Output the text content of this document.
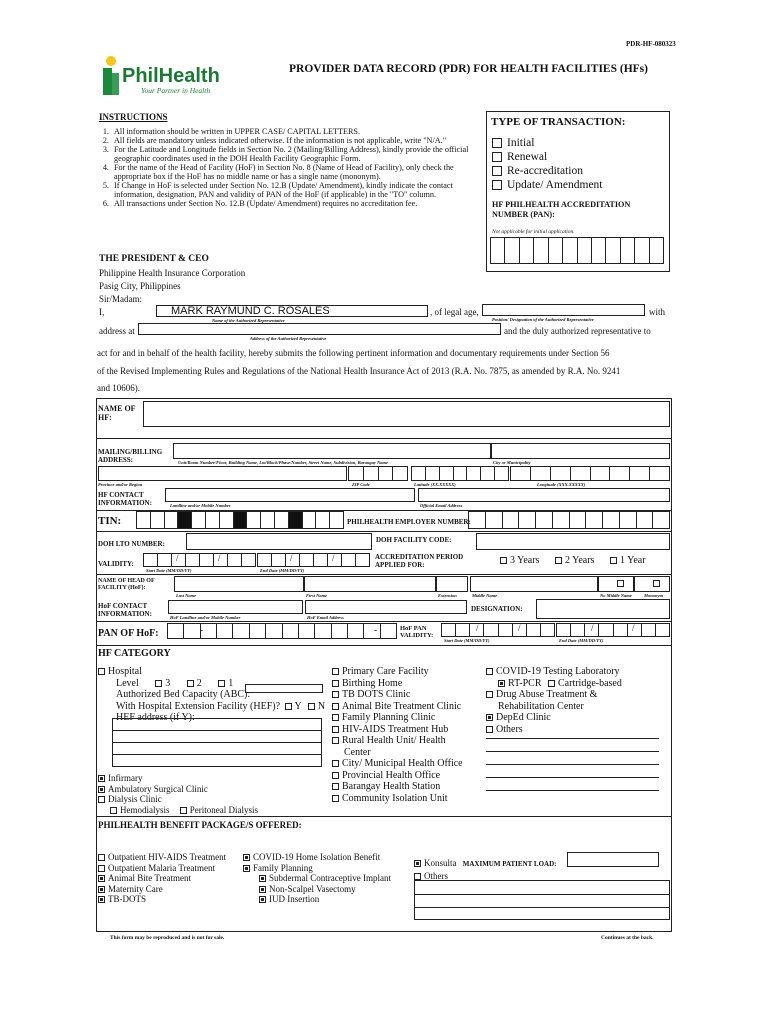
PDR-HF-080323
PhilHealth
Your Partner in Health
PROVIDER DATA RECORD (PDR) FOR HEALTH FACILITIES (HFs)
INSTRUCTIONS
1. All information should be written in UPPER CASE/ CAPITAL LETTERS.
2. All fields are mandatory unless indicated otherwise. If the information is not applicable, write "N/A."
3. For the Latitude and Longitude fields in Section No. 2 (Mailing/Billing Address), kindly provide the official geographic coordinates used in the DOH Health Facility Geographic Form.
4. For the name of the Head of Facility (HoF) in Section No. 8 (Name of Head of Facility), only check the appropriate box if the HoF has no middle name or has a single name (mononym).
5. If Change in HoF is selected under Section No. 12.B (Update/ Amendment), kindly indicate the contact information, designation, PAN and validity of PAN of the HoF (if applicable) in the "TO" column.
6. All transactions under Section No. 12.B (Update/ Amendment) requires no accreditation fee.
TYPE OF TRANSACTION:
Initial
Renewal
Re-accreditation
Update/ Amendment
HF PHILHEALTH ACCREDITATION NUMBER (PAN):
Not applicable for initial application.
THE PRESIDENT & CEO
Philippine Health Insurance Corporation
Pasig City, Philippines
Sir/Madam:
I,	MARK RAYMUND C. ROSALES
Name of the Authorized Representative
, of legal age,
Position/ Designation of the Authorized Representative
with
address at
Address of the Authorized Representative
and the duly authorized representative to
act for and in behalf of the health facility, hereby submits the following pertinent information and documentary requirements under Section 56
of the Revised Implementing Rules and Regulations of the National Health Insurance Act of 2013 (R.A. No. 7875, as amended by R.A. No. 9241
and 10606).
NAME OF HF:
MAILING/BILLING ADDRESS:	Unit/Room Number/Floor, Building Name, Lot/Block/Phase/Number, Street Name, Subdivision, Barangay Name	City or Municipality
Province and/or Region	ZIP Code	Latitude (XX.XXXXX)	Longitude (XXX.XXXXX)
HF CONTACT INFORMATION:	Landline and/or Mobile Number	Official Email Address
TIN:	PHILHEALTH EMPLOYER NUMBER:
DOH LTO NUMBER:	DOH FACILITY CODE:
VALIDITY:
/	/	/	/
Start Date (MM/DD/YY)	End Date (MM/DD/YY)
ACCREDITATION PERIOD APPLIED FOR:	3 Years	2 Years	1 Year
NAME OF HEAD OF FACILITY (HoF):
Last Name	First Name	Extension	Middle Name	No Middle Name	Mononym
HoF CONTACT INFORMATION:	HoF Landline and/or Mobile Number	HoF Email Address
DESIGNATION:
PAN OF HoF:	-	-	HoF PAN VALIDITY:
/	/	/	/
Start Date (MM/DD/YY)	End Date (MM/DD/YY)
HF CATEGORY
Hospital
Level	3	2	1
Authorized Bed Capacity (ABC):
With Hospital Extension Facility (HEF)? Y N
HEF address (if Y):
Infirmary
Ambulatory Surgical Clinic
Dialysis Clinic
Hemodialysis Peritoneal Dialysis
Primary Care Facility
Birthing Home
TB DOTS Clinic
Animal Bite Treatment Clinic
Family Planning Clinic
HIV-AIDS Treatment Hub
Rural Health Unit/ Health
Center
City/ Municipal Health Office
Provincial Health Office
Barangay Health Station
Community Isolation Unit
COVID-19 Testing Laboratory
RT-PCR Cartridge-based
Drug Abuse Treatment &
Rehabilitation Center
DepEd Clinic
Others
PHILHEALTH BENEFIT PACKAGE/S OFFERED:
Outpatient HIV-AIDS Treatment
Outpatient Malaria Treatment
Animal Bite Treatment
Maternity Care
TB-DOTS
COVID-19 Home Isolation Benefit
Family Planning
Subdermal Contraceptive Implant
Non-Scalpel Vasectomy
IUD Insertion
Konsulta MAXIMUM PATIENT LOAD:
Others
This form may be reproduced and is not for sale.	Continues at the back.
